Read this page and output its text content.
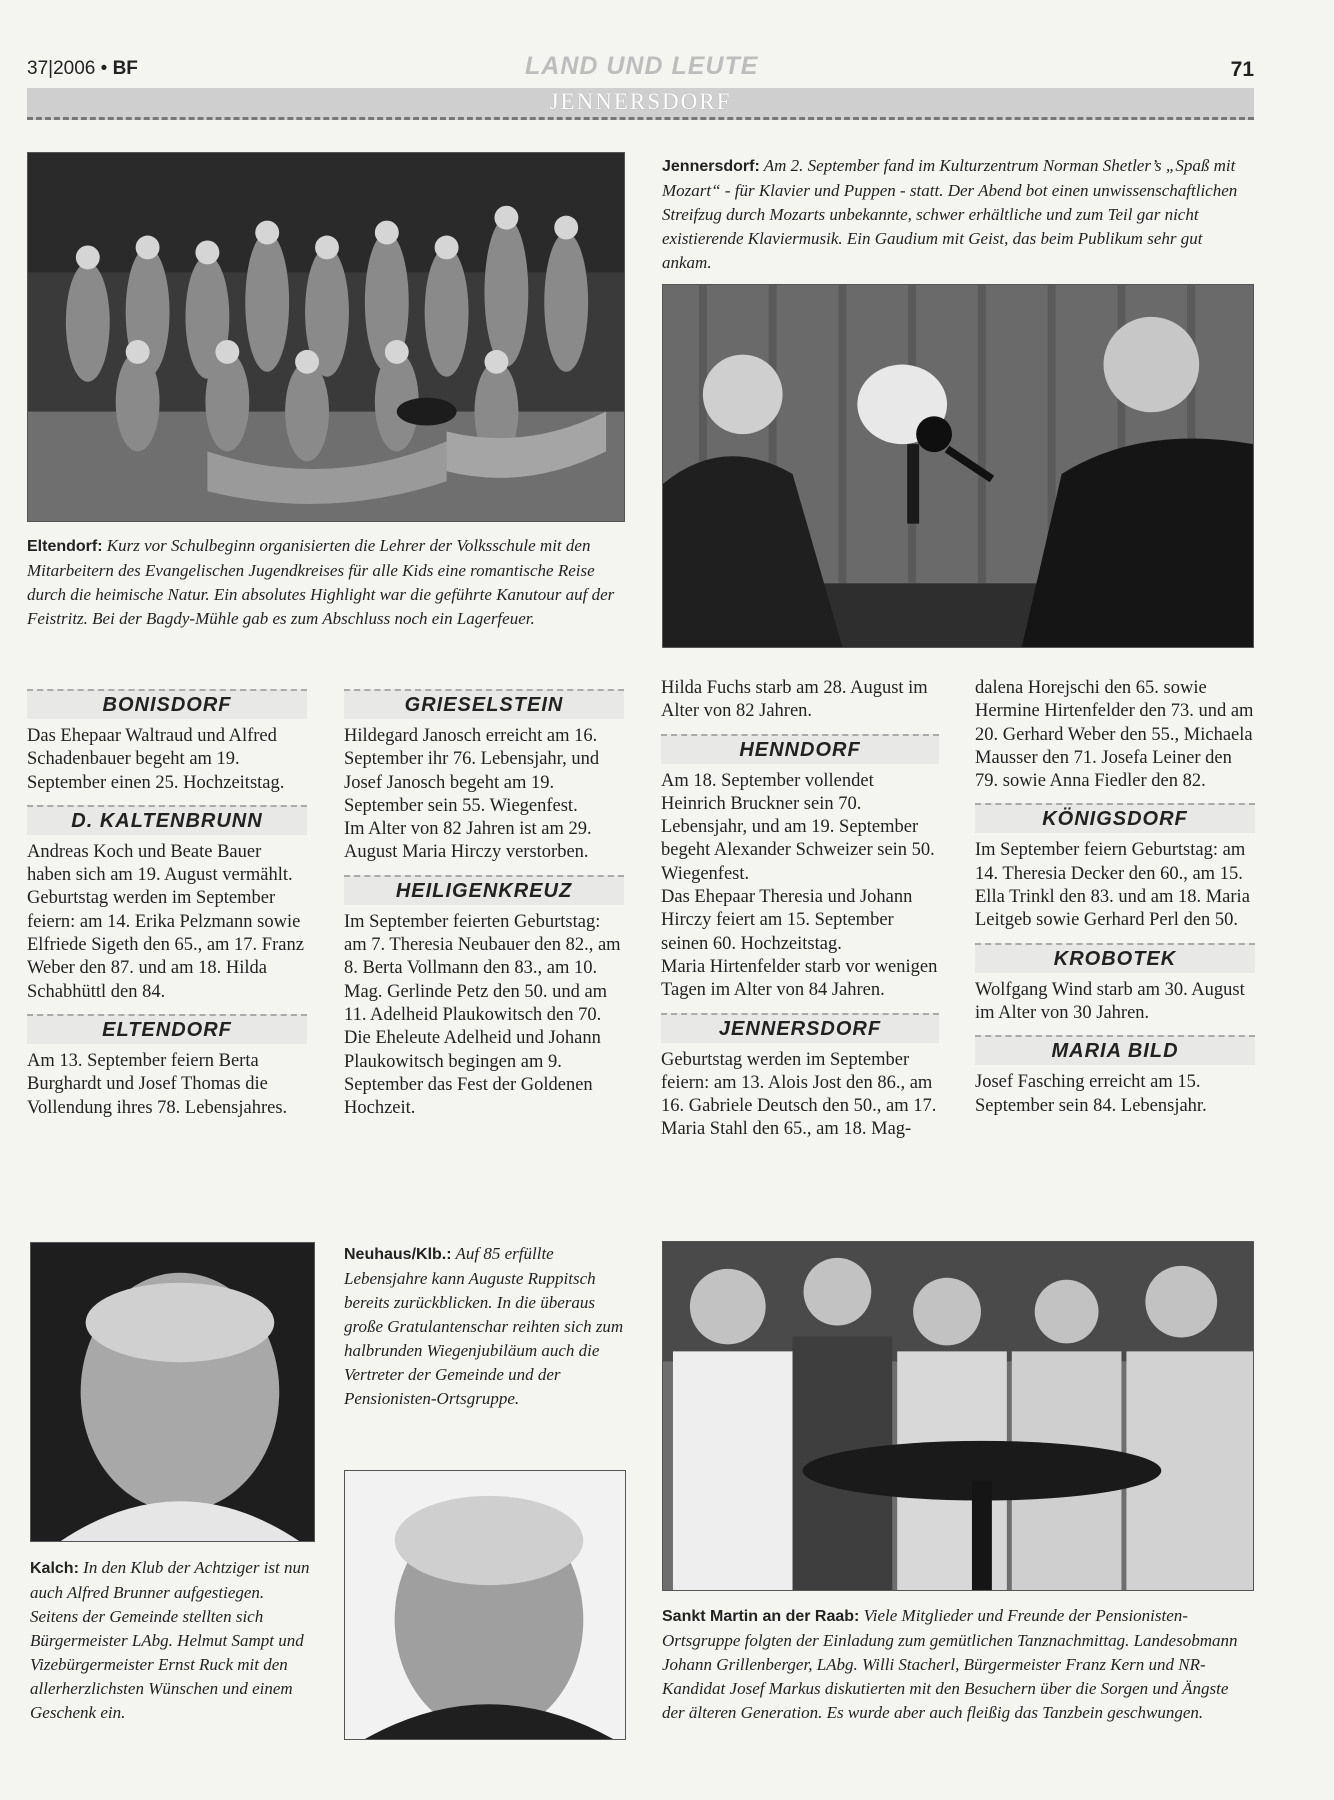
37|2006 • BF	LAND UND LEUTE	71
JENNERSDORF
Eltendorf: Kurz vor Schulbeginn organisierten die Lehrer der Volksschule mit den Mitarbeitern des Evangelischen Jugendkreises für alle Kids eine romantische Reise durch die heimische Natur. Ein absolutes Highlight war die geführte Kanutour auf der Feistritz. Bei der Bagdy-Mühle gab es zum Abschluss noch ein Lagerfeuer.
Jennersdorf: Am 2. September fand im Kulturzentrum Norman Shetler’s „Spaß mit Mozart“ - für Klavier und Puppen - statt. Der Abend bot einen unwissenschaftlichen Streifzug durch Mozarts unbekannte, schwer erhältliche und zum Teil gar nicht existierende Klaviermusik. Ein Gaudium mit Geist, das beim Publikum sehr gut ankam.
BONISDORF

Das Ehepaar Waltraud und Alfred Schadenbauer begeht am 19. September einen 25. Hochzeitstag.

D. KALTENBRUNN

Andreas Koch und Beate Bauer haben sich am 19. August vermählt.

Geburtstag werden im September feiern: am 14. Erika Pelzmann sowie Elfriede Sigeth den 65., am 17. Franz Weber den 87. und am 18. Hilda Schabhüttl den 84.

ELTENDORF

Am 13. September feiern Berta Burghardt und Josef Thomas die Vollendung ihres 78. Lebensjahres.

GRIESELSTEIN

Hildegard Janosch erreicht am 16. September ihr 76. Lebensjahr, und Josef Janosch begeht am 19. September sein 55. Wiegenfest.

Im Alter von 82 Jahren ist am 29. August Maria Hirczy verstorben.

HEILIGENKREUZ

Im September feierten Geburtstag: am 7. Theresia Neubauer den 82., am 8. Berta Vollmann den 83., am 10. Mag. Gerlinde Petz den 50. und am 11. Adelheid Plaukowitsch den 70.

Die Eheleute Adelheid und Johann Plaukowitsch begingen am 9. September das Fest der Goldenen Hochzeit.

Hilda Fuchs starb am 28. August im Alter von 82 Jahren.

HENNDORF

Am 18. September vollendet Heinrich Bruckner sein 70. Lebensjahr, und am 19. September begeht Alexander Schweizer sein 50. Wiegenfest.

Das Ehepaar Theresia und Johann Hirczy feiert am 15. September seinen 60. Hochzeitstag.

Maria Hirtenfelder starb vor wenigen Tagen im Alter von 84 Jahren.

JENNERSDORF

Geburtstag werden im September feiern: am 13. Alois Jost den 86., am 16. Gabriele Deutsch den 50., am 17. Maria Stahl den 65., am 18. Mag-

dalena Horejschi den 65. sowie Hermine Hirtenfelder den 73. und am 20. Gerhard Weber den 55., Michaela Mausser den 71. Josefa Leiner den 79. sowie Anna Fiedler den 82.

KÖNIGSDORF

Im September feiern Geburtstag: am 14. Theresia Decker den 60., am 15. Ella Trinkl den 83. und am 18. Maria Leitgeb sowie Gerhard Perl den 50.

KROBOTEK

Wolfgang Wind starb am 30. August im Alter von 30 Jahren.

MARIA BILD

Josef Fasching erreicht am 15. September sein 84. Lebensjahr.

Kalch: In den Klub der Achtziger ist nun auch Alfred Brunner aufgestiegen. Seitens der Gemeinde stellten sich Bürgermeister LAbg. Helmut Sampt und Vizebürgermeister Ernst Ruck mit den allerherzlichsten Wünschen und einem Geschenk ein.
Neuhaus/Klb.: Auf 85 erfüllte Lebensjahre kann Auguste Ruppitsch bereits zurückblicken. In die überaus große Gratulantenschar reihten sich zum halbrunden Wiegenjubiläum auch die Vertreter der Gemeinde und der Pensionisten-Ortsgruppe.
Sankt Martin an der Raab: Viele Mitglieder und Freunde der Pensionisten-Ortsgruppe folgten der Einladung zum gemütlichen Tanznachmittag. Landesobmann Johann Grillenberger, LAbg. Willi Stacherl, Bürgermeister Franz Kern und NR-Kandidat Josef Markus diskutierten mit den Besuchern über die Sorgen und Ängste der älteren Generation. Es wurde aber auch fleißig das Tanzbein geschwungen.
